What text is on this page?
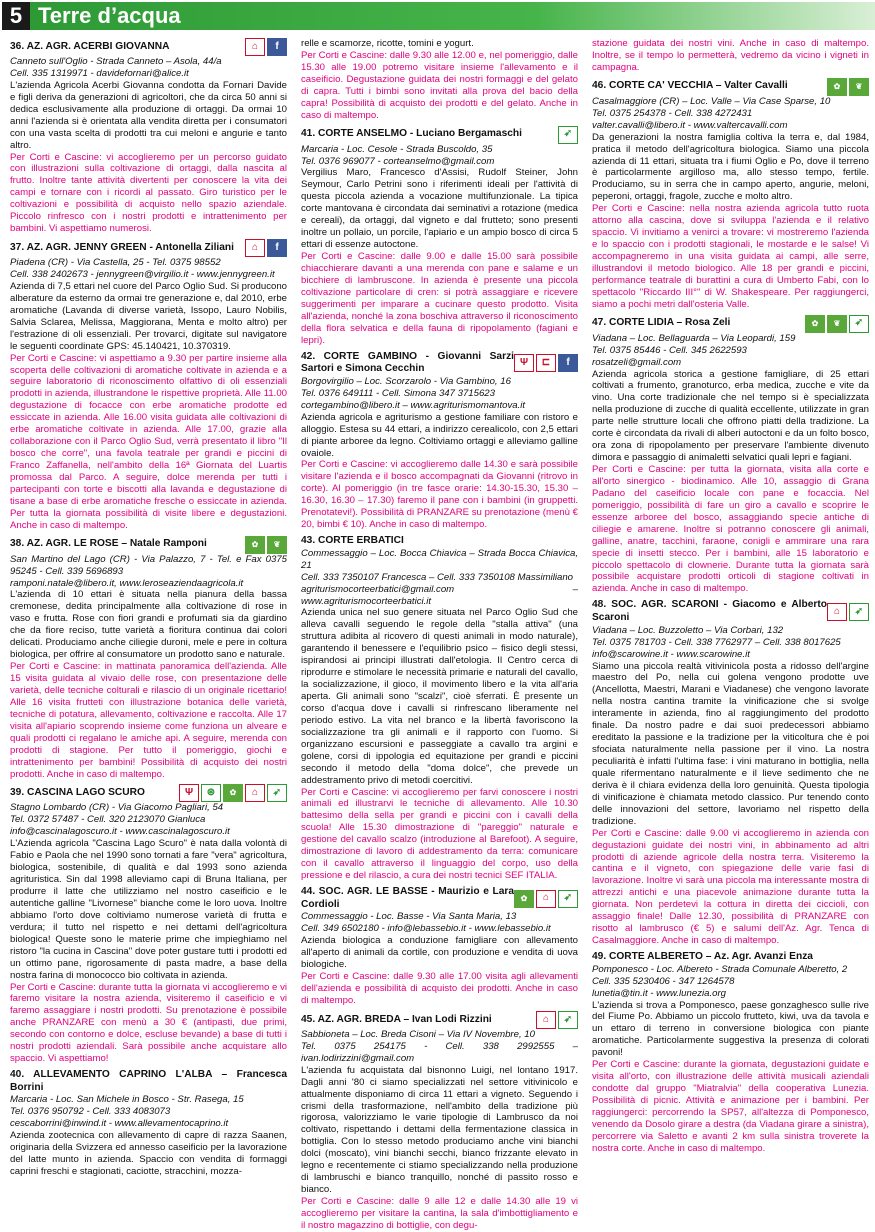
5 Terre d’acqua
36. AZ. AGR. ACERBI GIOVANNA	⌂	f
Canneto sull'Oglio - Strada Canneto – Asola, 44/a
Cell. 335 1319971 - davidefornari@alice.it

L'azienda Agricola Acerbi Giovanna condotta da Fornari Davide e figli deriva da generazioni di agricoltori, che da circa 50 anni si dedica esclusivamente alla produzione di ortaggi. Da ormai 10 anni l'azienda si è orientata alla vendita diretta per i consumatori con una vasta scelta di prodotti tra cui meloni e angurie e tanto altro.

Per Corti e Cascine: vi accoglieremo per un percorso guidato con illustrazioni sulla coltivazione di ortaggi, dalla nascita al frutto. Inoltre tante attività divertenti per conoscere la vita dei campi e tornare con i ricordi al passato. Giro turistico per le coltivazioni e possibilità di acquisto nello spazio aziendale. Piccolo rinfresco con i nostri prodotti e intrattenimento per bambini. Vi aspettiamo numerosi.

37. AZ. AGR. JENNY GREEN - Antonella Ziliani	⌂	f
Piadena (CR) - Via Castella, 25 - Tel. 0375 98552
Cell. 338 2402673 - jennygreen@virgilio.it - www.jennygreen.it

Azienda di 7,5 ettari nel cuore del Parco Oglio Sud. Si producono alberature da esterno da ormai tre generazione e, dal 2010, erbe aromatiche (Lavanda di diverse varietà, Issopo, Lauro Nobilis, Salvia Sclarea, Melissa, Maggiorana, Menta e molto altro) per l'estrazione di oli essenziali. Per trovarci, digitate sul navigatore le seguenti coordinate GPS: 45.140421, 10.370319.

Per Corti e Cascine: vi aspettiamo a 9.30 per partire insieme alla scoperta delle coltivazioni di aromatiche coltivate in azienda e a seguire laboratorio di riconoscimento olfattivo di oli essenziali prodotti in azienda, illustrandone le rispettive proprietà. Alle 11.00 degustazione di focacce con erbe aromatiche prodotte ed essiccate in azienda. Alle 16.00 visita guidata alle coltivazioni di erbe aromatiche coltivate in azienda. Alle 17.00, grazie alla collaborazione con il Parco Oglio Sud, verrà presentato il libro "Il bosco che corre", una favola teatrale per grandi e piccini di Franco Zaffanella, nell'ambito della 16ª Giornata del Luartis promossa dal Parco. A seguire, dolce merenda per tutti i partecipanti con torte e biscotti alla lavanda e degustazione di tisane a base di erbe aromatiche fresche o essiccate in azienda. Per tutta la giornata possibilità di visite libere e degustazioni. Anche in caso di maltempo.

38. AZ. AGR. LE ROSE – Natale Ramponi	✿	❦
San Martino del Lago (CR) - Via Palazzo, 7 - Tel. e Fax 0375 95245 - Cell. 339 5696893
ramponi.natale@libero.it, www.leroseaziendaagricola.it

L'azienda di 10 ettari è situata nella pianura della bassa cremonese, dedita principalmente alla coltivazione di rose in vaso e frutta. Rose con fiori grandi e profumati sia da giardino che da fiore reciso, tutte varietà a fioritura continua dai colori delicati. Produciamo anche ciliegie duroni, mele e pere in coltura biologica, per offrire al consumatore un prodotto sano e naturale.

Per Corti e Cascine: in mattinata panoramica dell'azienda. Alle 15 visita guidata al vivaio delle rose, con presentazione delle varietà, delle tecniche colturali e rilascio di un originale ricettario! Alle 16 visita frutteti con illustrazione botanica delle varietà, tecniche di potatura, allevamento, coltivazione e raccolta. Alle 17 visita all'apiario scoprendo insieme come funziona un alveare e quali prodotti ci regalano le amiche api. A seguire, merenda con prodotti di stagione. Per tutto il pomeriggio, giochi e intrattenimento per bambini! Possibilità di acquisto dei nostri prodotti. Anche in caso di maltempo.

39. CASCINA LAGO SCURO	Ψ	⊛	✿	⌂	➶
Stagno Lombardo (CR) - Via Giacomo Pagliari, 54
Tel. 0372 57487 - Cell. 320 2123070 Gianluca
info@cascinalagoscuro.it - www.cascinalagoscuro.it

L'Azienda agricola "Cascina Lago Scuro" è nata dalla volontà di Fabio e Paola che nel 1990 sono tornati a fare "vera" agricoltura, biologica, sostenibile, di qualità e dal 1993 sono azienda agrituristica. Sin dal 1998 alleviamo capi di Bruna Italiana, per produrre il latte che utilizziamo nel nostro caseificio e le autentiche galline "Livornese" bianche come le loro uova. Inoltre abbiamo l'orto dove coltiviamo numerose varietà di frutta e verdura; il tutto nel rispetto e nei dettami dell'agricoltura biologica! Queste sono le materie prime che impieghiamo nel ristoro "la cucina in Cascina" dove poter gustare tutti i prodotti ed un ottimo pane, rigorosamente di pasta madre, a base della nostra farina di monococco bio coltivata in azienda.

Per Corti e Cascine: durante tutta la giornata vi accoglieremo e vi faremo visitare la nostra azienda, visiteremo il caseificio e vi faremo assaggiare i nostri prodotti. Su prenotazione è possibile anche PRANZARE con menù a 30 € (antipasti, due primi, secondo con contorno e dolce, escluse bevande) a base di tutti i nostri prodotti aziendali. Sarà possibile anche acquistare allo spaccio. Vi aspettiamo!

40. ALLEVAMENTO CAPRINO L'ALBA – Francesca Borrini
Marcaria - Loc. San Michele in Bosco - Str. Rasega, 15
Tel. 0376 950792 - Cell. 333 4083073
cescaborrini@inwind.it - www.allevamentocaprino.it

Azienda zootecnica con allevamento di capre di razza Saanen, originaria della Svizzera ed annesso caseificio per la lavorazione del latte munto in azienda. Spaccio con vendita di formaggi caprini freschi e stagionati, caciotte, stracchini, mozza-

relle e scamorze, ricotte, tomini e yogurt.

Per Corti e Cascine: dalle 9.30 alle 12.00 e, nel pomeriggio, dalle 15.30 alle 19.00 potremo visitare insieme l'allevamento e il caseificio. Degustazione guidata dei nostri formaggi e del gelato di capra. Tutti i bimbi sono invitati alla prova del bacio della capra! Possibilità di acquisto dei prodotti e del gelato. Anche in caso di maltempo.

41. CORTE ANSELMO - Luciano Bergamaschi	➶
Marcaria - Loc. Cesole - Strada Buscoldo, 35
Tel. 0376 969077 - corteanselmo@gmail.com

Vergilius Maro, Francesco d'Assisi, Rudolf Steiner, John Seymour, Carlo Petrini sono i riferimenti ideali per l'attività di questa piccola azienda a vocazione multifunzionale. La tipica corte mantovana è circondata dai seminativi a rotazione (medica e cereali), da ortaggi, dal vigneto e dal frutteto; sono presenti inoltre un pollaio, un porcile, l'apiario e un ampio bosco di circa 5 ettari di essenze autoctone.

Per Corti e Cascine: dalle 9.00 e dalle 15.00 sarà possibile chiacchierare davanti a una merenda con pane e salame e un bicchiere di lambruscone. In azienda è presente una piccola coltivazione particolare di cren: si potrà assaggiare e ricevere suggerimenti per imparare a cucinare questo prodotto. Visita all'azienda, nonché la zona boschiva attraverso il riconoscimento della flora selvatica e della fauna di ripopolamento (fagiani e lepri).

42. CORTE GAMBINO - Giovanni Sarzi Sartori e Simona Cecchin
Ψ	⊏	f
Borgovirgilio – Loc. Scorzarolo - Via Gambino, 16
Tel. 0376 649111 - Cell. Simona 347 3715623
cortegambino@libero.it – www.agriturismomantova.it

Azienda agricola e agriturismo a gestione familiare con ristoro e alloggio. Estesa su 44 ettari, a indirizzo cerealicolo, con 2,5 ettari di piante arboree da legno. Coltiviamo ortaggi e alleviamo galline ovaiole.

Per Corti e Cascine: vi accoglieremo dalle 14.30 e sarà possibile visitare l'azienda e il bosco accompagnati da Giovanni (ritrovo in corte). Al pomeriggio (in tre fasce orarie: 14.30-15.30, 15.30 – 16.30, 16.30 – 17.30) faremo il pane con i bambini (in gruppetti. Prenotatevi!). Possibilità di PRANZARE su prenotazione (menù € 20, bimbi € 10). Anche in caso di maltempo.

43. CORTE ERBATICI
Commessaggio – Loc. Bocca Chiavica – Strada Bocca Chiavica, 21
Cell. 333 7350107 Francesca – Cell. 333 7350108 Massimiliano
agriturismocorteerbatici@gmail.com – www.agriturismocorteerbatici.it

Azienda unica nel suo genere situata nel Parco Oglio Sud che alleva cavalli seguendo le regole della "stalla attiva" (una struttura adibita al ricovero di questi animali in modo naturale), garantendo il benessere e l'equilibrio psico – fisico degli stessi, ispirandosi ai principi illustrati dall'etologia. Il Centro cerca di riprodurre e stimolare le necessità primarie e naturali del cavallo, la socializzazione, il gioco, il movimento libero e la vita all'aria aperta. Gli animali sono "scalzi", cioè sferrati. È presente un corso d'acqua dove i cavalli si rinfrescano liberamente nel periodo estivo. La vita nel branco e la libertà favoriscono la socializzazione tra gli animali e il rapporto con l'uomo. Si organizzano escursioni e passeggiate a cavallo tra argini e golene, corsi di ippologia ed equitazione per grandi e piccini secondo il metodo della "doma dolce", che prevede un addestramento privo di metodi coercitivi.

Per Corti e Cascine: vi accoglieremo per farvi conoscere i nostri animali ed illustrarvi le tecniche di allevamento. Alle 10.30 battesimo della sella per grandi e piccini con i cavalli della scuola! Alle 15.30 dimostrazione di "pareggio" naturale e gestione del cavallo scalzo (introduzione al Barefoot). A seguire, dimostrazione di lavoro di addestramento da terra: comunicare con il cavallo attraverso il linguaggio del corpo, uso della pressione e del rilascio, a cura dei nostri tecnici SEF ITALIA.

44. SOC. AGR. LE BASSE - Maurizio e Lara Cordioli
✿	⌂	➶
Commessaggio - Loc. Basse - Via Santa Maria, 13
Cell. 349 6502180 - info@lebassebio.it - www.lebassebio.it

Azienda biologica a conduzione famigliare con allevamento all'aperto di animali da cortile, con produzione e vendita di uova biologiche.

Per Corti e Cascine: dalle 9.30 alle 17.00 visita agli allevamenti dell'azienda e possibilità di acquisto dei prodotti. Anche in caso di maltempo.

45. AZ. AGR. BREDA – Ivan Lodi Rizzini	⌂	➶
Sabbioneta – Loc. Breda Cisoni – Via IV Novembre, 10
Tel. 0375 254175 - Cell. 338 2992555 – ivan.lodirizzini@gmail.com

L'azienda fu acquistata dal bisnonno Luigi, nel lontano 1917. Dagli anni '80 ci siamo specializzati nel settore vitivinicolo e attualmente disponiamo di circa 11 ettari a vigneto. Seguendo i crismi della trasformazione, nell'ambito della tradizione più rigorosa, valorizziamo le varie tipologie di Lambrusco da noi coltivato, rispettando i dettami della fermentazione classica in bottiglia. Con lo stesso metodo produciamo anche vini bianchi dolci (moscato), vini bianchi secchi, bianco frizzante elevato in legno e recentemente ci stiamo specializzando nella produzione di lambruschi e bianco tranquillo, nonché di passito rosso e bianco.

Per Corti e Cascine: dalle 9 alle 12 e dalle 14.30 alle 19 vi accoglieremo per visitare la cantina, la sala d'imbottigliamento e il nostro magazzino di bottiglie, con degu-

stazione guidata dei nostri vini. Anche in caso di maltempo. Inoltre, se il tempo lo permetterà, vedremo da vicino i vigneti in campagna.

46. CORTE CA' VECCHIA – Valter Cavalli	✿	❦
Casalmaggiore (CR) – Loc. Valle – Via Case Sparse, 10
Tel. 0375 254378 - Cell. 338 4272431
valter.cavalli@libero.it - www.valtercavalli.com

Da generazioni la nostra famiglia coltiva la terra e, dal 1984, pratica il metodo dell'agricoltura biologica. Siamo una piccola azienda di 11 ettari, situata tra i fiumi Oglio e Po, dove il terreno è particolarmente argilloso ma, allo stesso tempo, fertile. Produciamo, su in serra che in campo aperto, angurie, meloni, peperoni, ortaggi, fragole, zucche e molto altro.

Per Corti e Cascine: nella nostra azienda agricola tutto ruota attorno alla cascina, dove si sviluppa l'azienda e il relativo spaccio. Vi invitiamo a venirci a trovare: vi mostreremo l'azienda e lo spaccio con i prodotti stagionali, le mostarde e le salse! Vi accompagneremo in una visita guidata ai campi, alle serre, illustrandovi il metodo biologico. Alle 18 per grandi e piccini, performance teatrale di burattini a cura di Umberto Fabi, con lo spettacolo "Riccardo III°" di W. Shakespeare. Per raggiungerci, siamo a pochi metri dall'osteria Valle.

47. CORTE LIDIA – Rosa Zeli	✿	❦	➶
Viadana – Loc. Bellaguarda – Via Leopardi, 159
Tel. 0375 85446 - Cell. 345 2622593
rosatzeli@gmail.com

Azienda agricola storica a gestione famigliare, di 25 ettari coltivati a frumento, granoturco, erba medica, zucche e vite da vino. Una corte tradizionale che nel tempo si è specializzata nella produzione di zucche di qualità eccellente, utilizzate in gran parte nelle strutture locali che offrono piatti della tradizione. La corte è circondata da rivali di alberi autoctoni e da un folto bosco, ora zona di ripopolamento per preservare l'ambiente divenuto dimora e passaggio di animaletti selvatici quali lepri e fagiani.

Per Corti e Cascine: per tutta la giornata, visita alla corte e all'orto sinergico - biodinamico. Alle 10, assaggio di Grana Padano del caseificio locale con pane e focaccia. Nel pomeriggio, possibilità di fare un giro a cavallo e scoprire le essenze arboree del bosco, assaggiando specie antiche di ciliegie e amarene. Inoltre si potranno conoscere gli animali, galline, anatre, tacchini, faraone, conigli e ammirare una rara specie di insetti stecco. Per i bambini, alle 15 laboratorio e piccolo spettacolo di clownerie. Durante tutta la giornata sarà possibile acquistare prodotti orticoli di stagione coltivati in azienda. Anche in caso di maltempo.

48. SOC. AGR. SCARONI - Giacomo e Alberto Scaroni
⌂	➶
Viadana – Loc. Buzzoletto – Via Corbari, 132
Tel. 0375 781703 - Cell. 338 7762977 – Cell. 338 8017625
info@scarowine.it - www.scarowine.it

Siamo una piccola realtà vitivinicola posta a ridosso dell'argine maestro del Po, nella cui golena vengono prodotte uve (Ancellotta, Maestri, Marani e Viadanese) che vengono lavorate nella nostra cantina tramite la vinificazione che si svolge interamente in azienda, fino al raggiungimento del prodotto finale. Da nostro padre e dai suoi predecessori abbiamo ereditato la passione e la tradizione per la viticoltura che è poi sfociata naturalmente nella passione per il vino. La nostra peculiarità è infatti l'ultima fase: i vini maturano in bottiglia, nella quale rifermentano naturalmente e il lieve sedimento che ne deriva è il chiara evidenza della loro genuinità. Questa tipologia di vinificazione è chiamata metodo classico. Pur tenendo conto delle innovazioni del settore, lavoriamo nel rispetto della tradizione.

Per Corti e Cascine: dalle 9.00 vi accoglieremo in azienda con degustazioni guidate dei nostri vini, in abbinamento ad altri prodotti di aziende agricole della nostra terra. Visiteremo la cantina e il vigneto, con spiegazione delle varie fasi di lavorazione. Inoltre vi sarà una piccola ma interessante mostra di attrezzi antichi e una piacevole animazione durante tutta la giornata. Non perdetevi la cottura in diretta dei ciccioli, con assaggio finale! Dalle 12.30, possibilità di PRANZARE con risotto al lambrusco (€ 5) e salumi dell'Az. Agr. Tenca di Casalmaggiore. Anche in caso di maltempo.

49. CORTE ALBERETO – Az. Agr. Avanzi Enza
Pomponesco - Loc. Albereto - Strada Comunale Alberetto, 2
Cell. 335 5230406 - 347 1264578
lunetia@tin.it - www.lunezia.org

L'azienda si trova a Pomponesco, paese gonzaghesco sulle rive del Fiume Po. Abbiamo un piccolo frutteto, kiwi, uva da tavola e un ettaro di terreno in conversione biologica con piante aromatiche. Particolarmente suggestiva la presenza di colorati pavoni!

Per Corti e Cascine: durante la giornata, degustazioni guidate e visita all'orto, con illustrazione delle attività musicali aziendali condotte dal gruppo "Miatralvia" della cooperativa Lunezia. Possibilità di picnic. Attività e animazione per i bambini. Per raggiungerci: percorrendo la SP57, all'altezza di Pomponesco, venendo da Dosolo girare a destra (da Viadana girare a sinistra), percorrere via Saletto e avanti 2 km sulla sinistra troverete la nostra corte. Anche in caso di maltempo.
